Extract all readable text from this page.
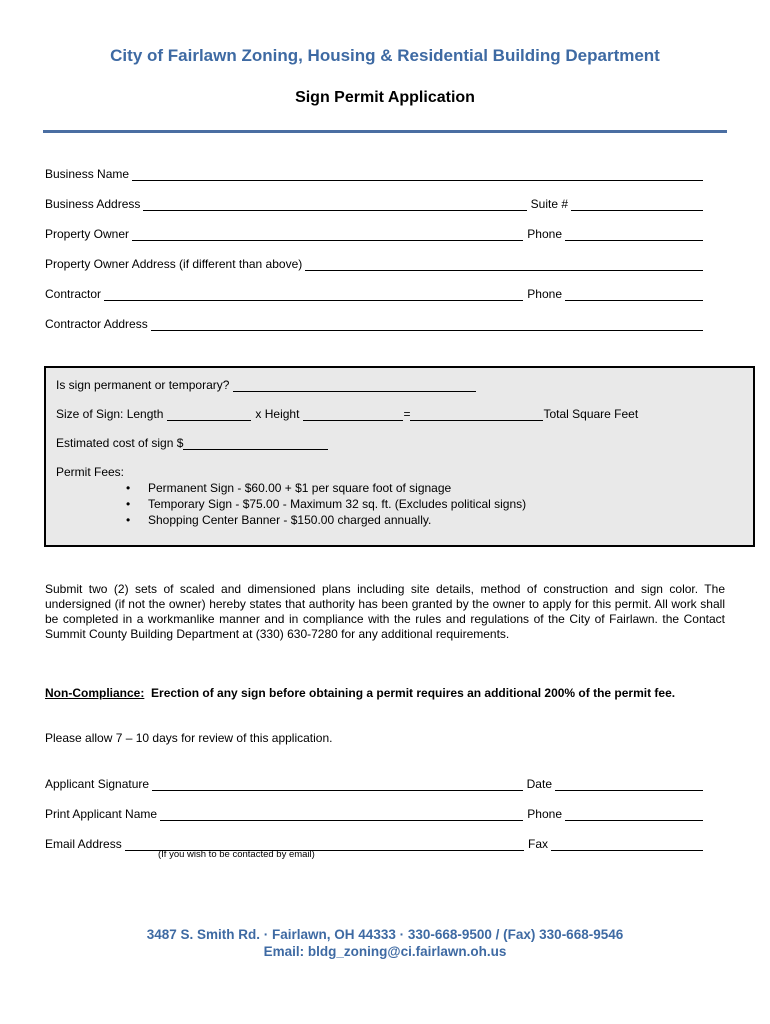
City of Fairlawn Zoning, Housing & Residential Building Department
Sign Permit Application
Business Name
Business Address	Suite #
Property Owner	Phone
Property Owner Address (if different than above)
Contractor	Phone
Contractor Address
Is sign permanent or temporary?
Size of Sign: Length	x Height	=	Total Square Feet
Estimated cost of sign $
Permit Fees:
• Permanent Sign - $60.00 + $1 per square foot of signage
• Temporary Sign - $75.00 - Maximum 32 sq. ft. (Excludes political signs)
• Shopping Center Banner - $150.00 charged annually.
Submit two (2) sets of scaled and dimensioned plans including site details, method of construction and sign color. The undersigned (if not the owner) hereby states that authority has been granted by the owner to apply for this permit. All work shall be completed in a workmanlike manner and in compliance with the rules and regulations of the City of Fairlawn. the Contact Summit County Building Department at (330) 630-7280 for any additional requirements.
Non-Compliance: Erection of any sign before obtaining a permit requires an additional 200% of the permit fee.
Please allow 7 – 10 days for review of this application.
Applicant Signature	Date
Print Applicant Name	Phone
Email Address	Fax
(If you wish to be contacted by email)
3487 S. Smith Rd. · Fairlawn, OH 44333 · 330-668-9500 / (Fax) 330-668-9546
Email: bldg_zoning@ci.fairlawn.oh.us
